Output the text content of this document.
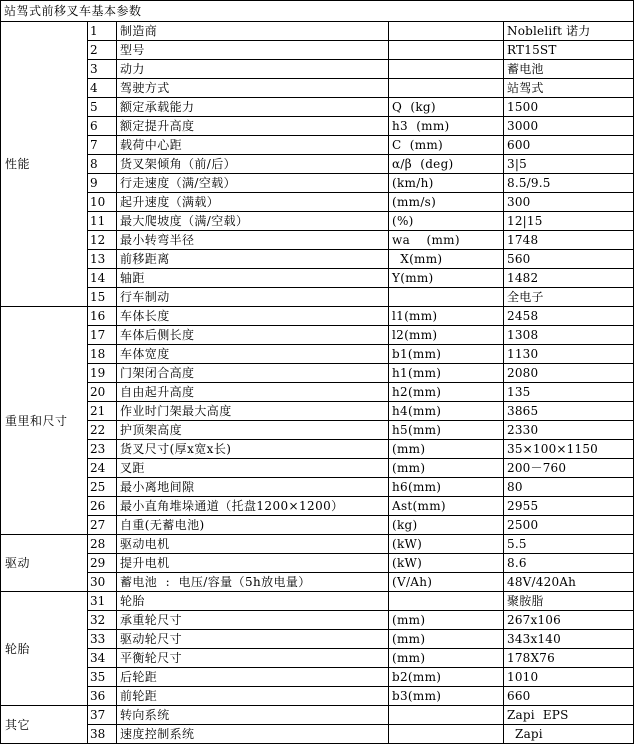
站驾式前移叉车基本参数				
性能	1	制造商		Noblelift 诺力
	2	型号		RT15ST
	3	动力		蓄电池
	4	驾驶方式		站驾式
	5	额定承载能力	Q  (kg)	1500
	6	额定提升高度	h3  (mm)	3000
	7	载荷中心距	C  (mm)	600
	8	货叉架倾角（前/后）	α/β  (deg)	3|5
	9	行走速度（满/空载）	(km/h)	8.5/9.5
	10	起升速度（满载）	(mm/s)	300
	11	最大爬坡度（满/空载）	(%)	12|15
	12	最小转弯半径	wa    (mm)	1748
	13	前移距离	X(mm)	560
	14	轴距	Y(mm)	1482
	15	行车制动		全电子
重里和尺寸	16	车体长度	l1(mm)	2458
	17	车体后侧长度	l2(mm)	1308
	18	车体宽度	b1(mm)	1130
	19	门架闭合高度	h1(mm)	2080
	20	自由起升高度	h2(mm)	135
	21	作业时门架最大高度	h4(mm)	3865
	22	护顶架高度	h5(mm)	2330
	23	货叉尺寸(厚x宽x长)	(mm)	35×100×1150
	24	叉距	(mm)	200－760
	25	最小离地间隙	h6(mm)	80
	26	最小直角堆垛通道（托盘1200×1200）	Ast(mm)	2955
	27	自重(无蓄电池)	(kg)	2500
驱动	28	驱动电机	(kW)	5.5
	29	提升电机	(kW)	8.6
	30	蓄电池  :  电压/容量（5h放电量）	(V/Ah)	48V/420Ah
轮胎	31	轮胎		聚胺脂
	32	承重轮尺寸	(mm)	267x106
	33	驱动轮尺寸	(mm)	343x140
	34	平衡轮尺寸	(mm)	178X76
	35	后轮距	b2(mm)	1010
	36	前轮距	b3(mm)	660
其它	37	转向系统		Zapi  EPS
	38	速度控制系统		Zapi
